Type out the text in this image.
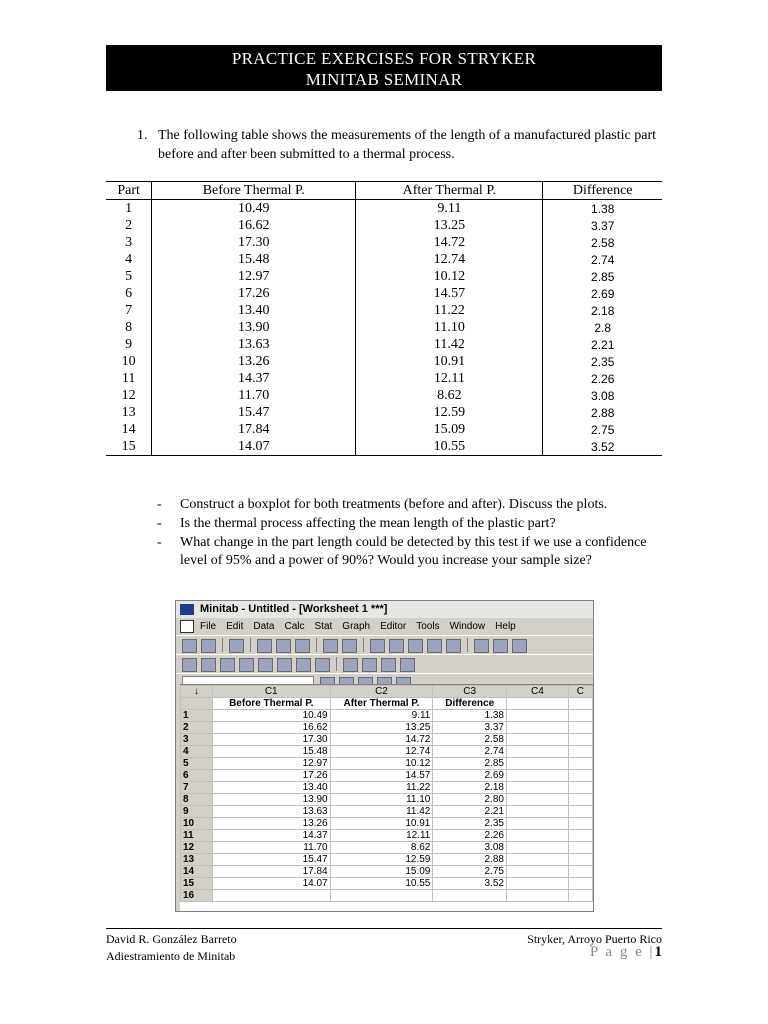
PRACTICE EXERCISES FOR STRYKER
MINITAB SEMINAR
1. The following table shows the measurements of the length of a manufactured plastic part before and after been submitted to a thermal process.
Part	Before Thermal P.	After Thermal P.	Difference
1	10.49	9.11	1.38
2	16.62	13.25	3.37
3	17.30	14.72	2.58
4	15.48	12.74	2.74
5	12.97	10.12	2.85
6	17.26	14.57	2.69
7	13.40	11.22	2.18
8	13.90	11.10	2.8
9	13.63	11.42	2.21
10	13.26	10.91	2.35
11	14.37	12.11	2.26
12	11.70	8.62	3.08
13	15.47	12.59	2.88
14	17.84	15.09	2.75
15	14.07	10.55	3.52
- Construct a boxplot for both treatments (before and after). Discuss the plots.
- Is the thermal process affecting the mean length of the plastic part?
- What change in the part length could be detected by this test if we use a confidence level of 95% and a power of 90%? Would you increase your sample size?
Minitab - Untitled - [Worksheet 1 ***]
File Edit Data Calc Stat Graph Editor Tools Window Help
↓	C1	C2	C3	C4	C
	Before Thermal P.	After Thermal P.	Difference		
1	10.49	9.11	1.38		
2	16.62	13.25	3.37		
3	17.30	14.72	2.58		
4	15.48	12.74	2.74		
5	12.97	10.12	2.85		
6	17.26	14.57	2.69		
7	13.40	11.22	2.18		
8	13.90	11.10	2.80		
9	13.63	11.42	2.21		
10	13.26	10.91	2.35		
11	14.37	12.11	2.26		
12	11.70	8.62	3.08		
13	15.47	12.59	2.88		
14	17.84	15.09	2.75		
15	14.07	10.55	3.52		
16					
David R. González Barreto
Adiestramiento de Minitab
Stryker, Arroyo Puerto Rico
P a g e |1
